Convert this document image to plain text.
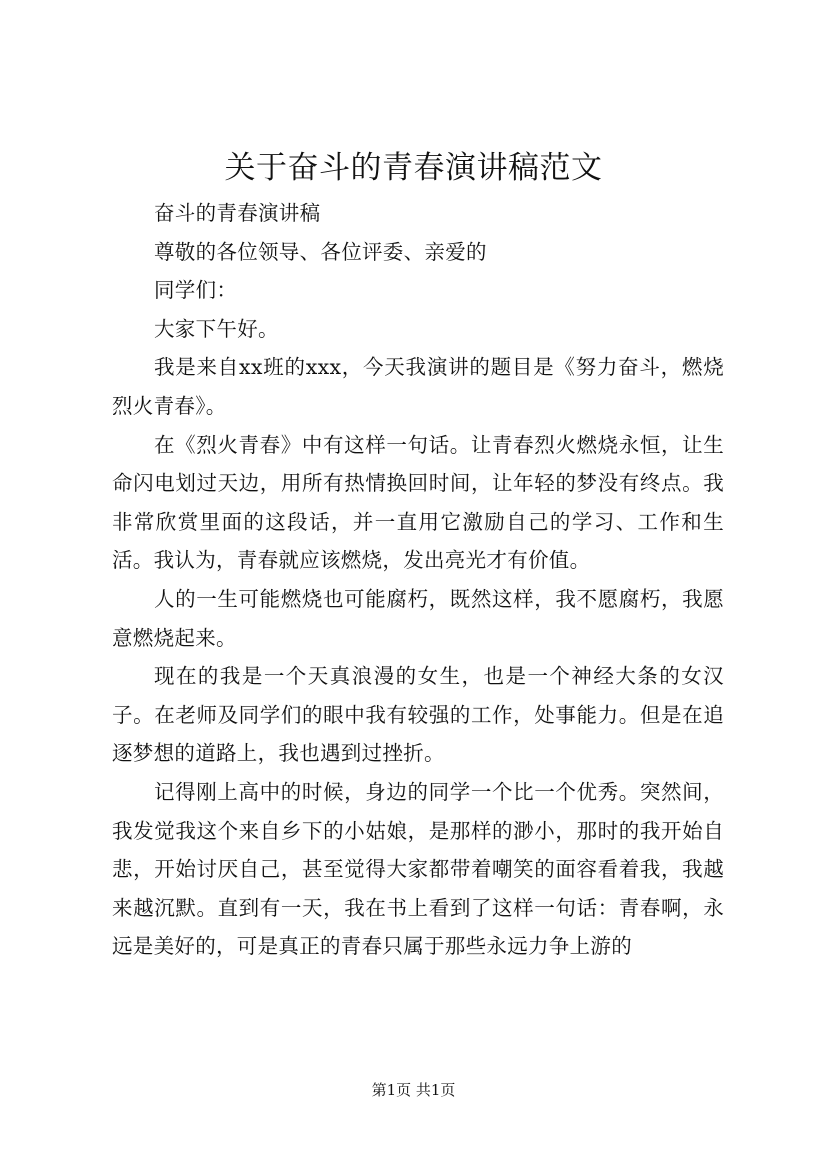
关于奋斗的青春演讲稿范文

奋斗的青春演讲稿

尊敬的各位领导、各位评委、亲爱的

同学们：

大家下午好。

我是来自xx班的xxx，今天我演讲的题目是《努力奋斗，燃烧烈火青春》。

在《烈火青春》中有这样一句话。让青春烈火燃烧永恒，让生命闪电划过天边，用所有热情换回时间，让年轻的梦没有终点。我非常欣赏里面的这段话，并一直用它激励自己的学习、工作和生活。我认为，青春就应该燃烧，发出亮光才有价值。

人的一生可能燃烧也可能腐朽，既然这样，我不愿腐朽，我愿意燃烧起来。

现在的我是一个天真浪漫的女生，也是一个神经大条的女汉子。在老师及同学们的眼中我有较强的工作，处事能力。但是在追逐梦想的道路上，我也遇到过挫折。

记得刚上高中的时候，身边的同学一个比一个优秀。突然间，我发觉我这个来自乡下的小姑娘，是那样的渺小，那时的我开始自悲，开始讨厌自己，甚至觉得大家都带着嘲笑的面容看着我，我越来越沉默。直到有一天，我在书上看到了这样一句话：青春啊，永远是美好的，可是真正的青春只属于那些永远力争上游的

第1页 共1页
